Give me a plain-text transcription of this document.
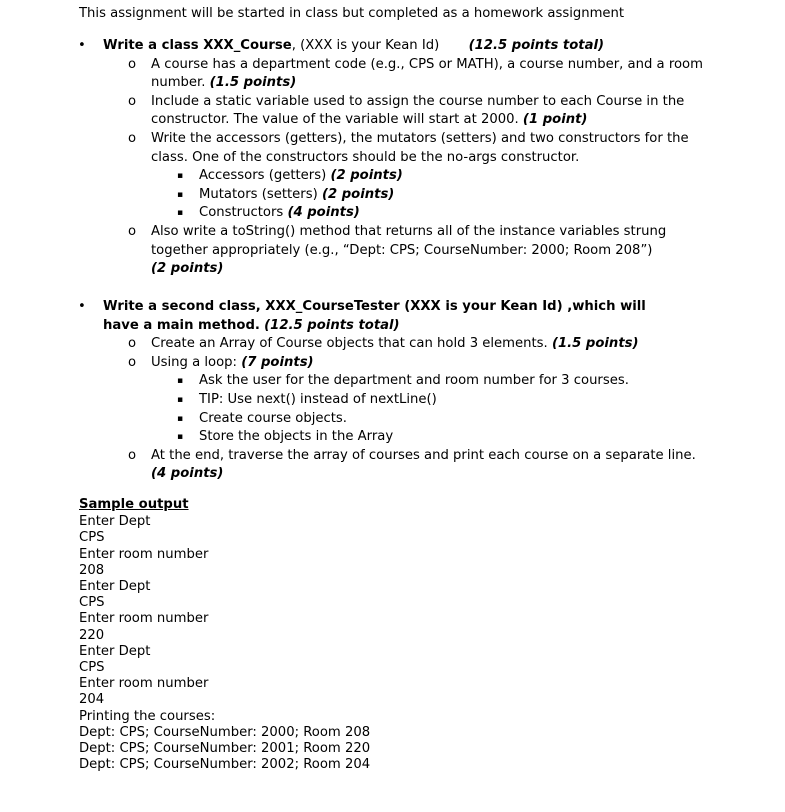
This assignment will be started in class but completed as a homework assignment
• Write a class XXX_Course, (XXX is your Kean Id) (12.5 points total)
o A course has a department code (e.g., CPS or MATH), a course number, and a room number. (1.5 points)
o Include a static variable used to assign the course number to each Course in the constructor. The value of the variable will start at 2000. (1 point)
o Write the accessors (getters), the mutators (setters) and two constructors for the class. One of the constructors should be the no-args constructor.
▪ Accessors (getters) (2 points)
▪ Mutators (setters) (2 points)
▪ Constructors (4 points)
o Also write a toString() method that returns all of the instance variables strung together appropriately (e.g., “Dept: CPS; CourseNumber: 2000; Room 208”)
(2 points)
• Write a second class, XXX_CourseTester (XXX is your Kean Id) ,which will have a main method. (12.5 points total)
o Create an Array of Course objects that can hold 3 elements. (1.5 points)
o Using a loop: (7 points)
▪ Ask the user for the department and room number for 3 courses.
▪ TIP: Use next() instead of nextLine()
▪ Create course objects.
▪ Store the objects in the Array
o At the end, traverse the array of courses and print each course on a separate line. (4 points)
Sample output
Enter Dept
CPS
Enter room number
208
Enter Dept
CPS
Enter room number
220
Enter Dept
CPS
Enter room number
204
Printing the courses:
Dept: CPS; CourseNumber: 2000; Room 208
Dept: CPS; CourseNumber: 2001; Room 220
Dept: CPS; CourseNumber: 2002; Room 204
